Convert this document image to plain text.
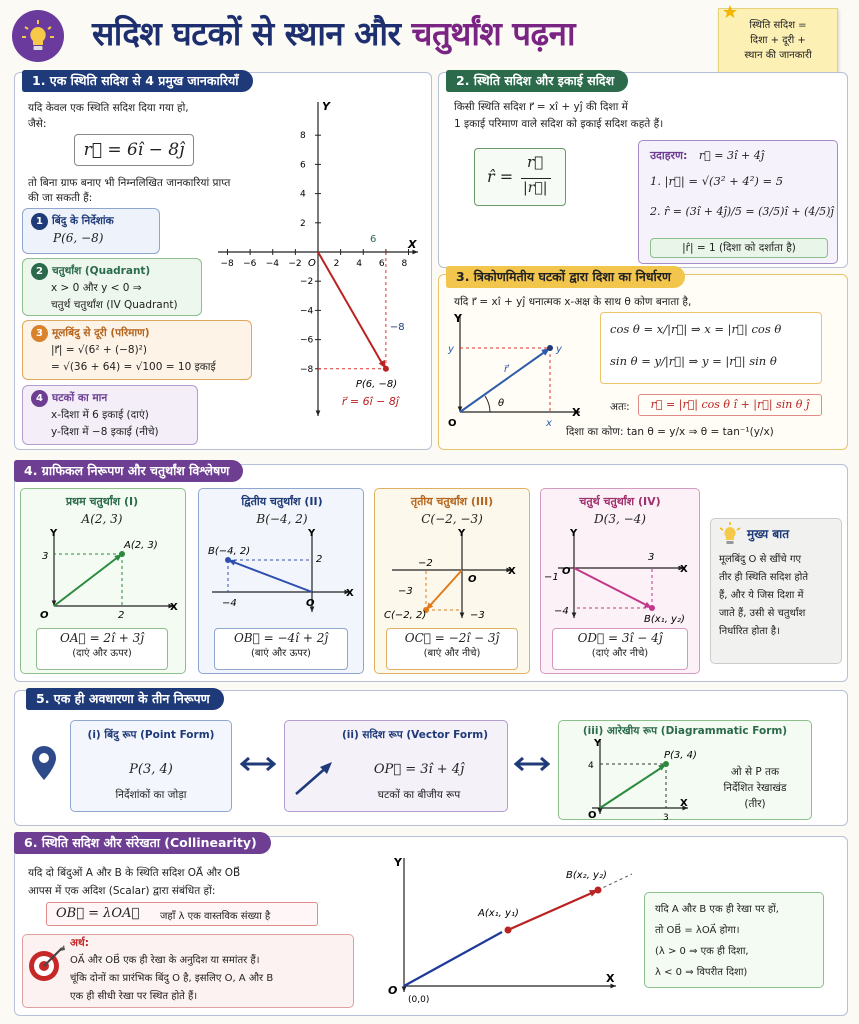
सदिश घटकों से स्थान और चतुर्थांश पढ़ना	स्थिति सदिश =
दिशा + दूरी +
स्थान की जानकारी
1. एक स्थिति सदिश से 4 प्रमुख जानकारियाँ
यदि केवल एक स्थिति सदिश दिया गया हो,
जैसे:
r⃗ = 6î − 8ĵ
तो बिना ग्राफ बनाए भी निम्नलिखित जानकारियां प्राप्त
की जा सकती हैं:
1 बिंदु के निर्देशांक
P(6, −8)
2 चतुर्थांश (Quadrant)
x > 0 और y < 0 ⇒
चतुर्थ चतुर्थांश (IV Quadrant)
3 मूलबिंदु से दूरी (परिमाण)
|r⃗| = √(6² + (−8)²)
= √(36 + 64) = √100 = 10 इकाई
4 घटकों का मान
x-दिशा में 6 इकाई (दाएं)
y-दिशा में −8 इकाई (नीचे)
X
Y
O
−8 −6 −4 −2	2 4 6 8
8
6
4
2
−2
−4
−6
−8
P(6, −8)
r⃗ = 6î − 8ĵ
6
−8
2. स्थिति सदिश और इकाई सदिश
किसी स्थिति सदिश r⃗ = xî + yĵ की दिशा में
1 इकाई परिमाण वाले सदिश को इकाई सदिश कहते हैं।
r̂ =
r⃗
|r⃗|
उदाहरण: r⃗ = 3î + 4ĵ
1. |r⃗| = √(3² + 4²) = 5
2. r̂ = (3î + 4ĵ)/5 = (3/5)î + (4/5)ĵ
|r̂| = 1 (दिशा को दर्शाता है)
3. त्रिकोणमितीय घटकों द्वारा दिशा का निर्धारण
यदि r⃗ = xî + yĵ धनात्मक x-अक्ष के साथ θ कोण बनाता है,
Y
X
O
θ
r⃗
x
y	y
cos θ = x/|r⃗| ⇒ x = |r⃗| cos θ
sin θ = y/|r⃗| ⇒ y = |r⃗| sin θ
अतः:	r⃗ = |r⃗| cos θ î + |r⃗| sin θ ĵ
दिशा का कोण: tan θ = y/x ⇒ θ = tan⁻¹(y/x)
4. ग्राफिकल निरूपण और चतुर्थांश विश्लेषण
प्रथम चतुर्थांश (I)	द्वितीय चतुर्थांश (II)	तृतीय चतुर्थांश (III)	चतुर्थ चतुर्थांश (IV)
A(2, 3)	B(−4, 2)	C(−2, −3)	D(3, −4)
X
Y
O
A(2, 3)
3
2
X
Y
O
B(−4, 2)
2
−4
X
Y
O
C(−2, 2)
−3
−2
−3
X
Y
O
B(x₁, y₂)
−4
3
−1
OA⃗ = 2î + 3ĵ
(दाएं और ऊपर)
OB⃗ = −4î + 2ĵ
(बाएं और ऊपर)
OC⃗ = −2î − 3ĵ
(बाएं और नीचे)
OD⃗ = 3î − 4ĵ
(दाएं और नीचे)
मुख्य बात
मूलबिंदु O से खींचे गए
तीर ही स्थिति सदिश होते
हैं, और ये जिस दिशा में
जाते हैं, उसी से चतुर्थांश
निर्धारित होता है।
5. एक ही अवधारणा के तीन निरूपण
(i) बिंदु रूप (Point Form)
P(3, 4)
निर्देशांकों का जोड़ा
(ii) सदिश रूप (Vector Form)
OP⃗ = 3î + 4ĵ
घटकों का बीजीय रूप
(iii) आरेखीय रूप (Diagrammatic Form)
Y
X
O
P(3, 4)
4
3
ओ से P तक
निर्देशित रेखाखंड
(तीर)
6. स्थिति सदिश और संरेखता (Collinearity)
यदि दो बिंदुओं A और B के स्थिति सदिश OA⃗ और OB⃗
आपस में एक अदिश (Scalar) द्वारा संबंधित हों:
OB⃗ = λOA⃗ जहाँ λ एक वास्तविक संख्या है
अर्थ:
OA⃗ और OB⃗ एक ही रेखा के अनुदिश या समांतर हैं।
चूंकि दोनों का प्रारंभिक बिंदु O है, इसलिए O, A और B
एक ही सीधी रेखा पर स्थित होते हैं।
Y
X
O
(0,0)
A(x₁, y₁)
B(x₂, y₂)
यदि A और B एक ही रेखा पर हों,
तो OB⃗ = λOA⃗ होगा।
(λ > 0 ⇒ एक ही दिशा,
λ < 0 ⇒ विपरीत दिशा)
